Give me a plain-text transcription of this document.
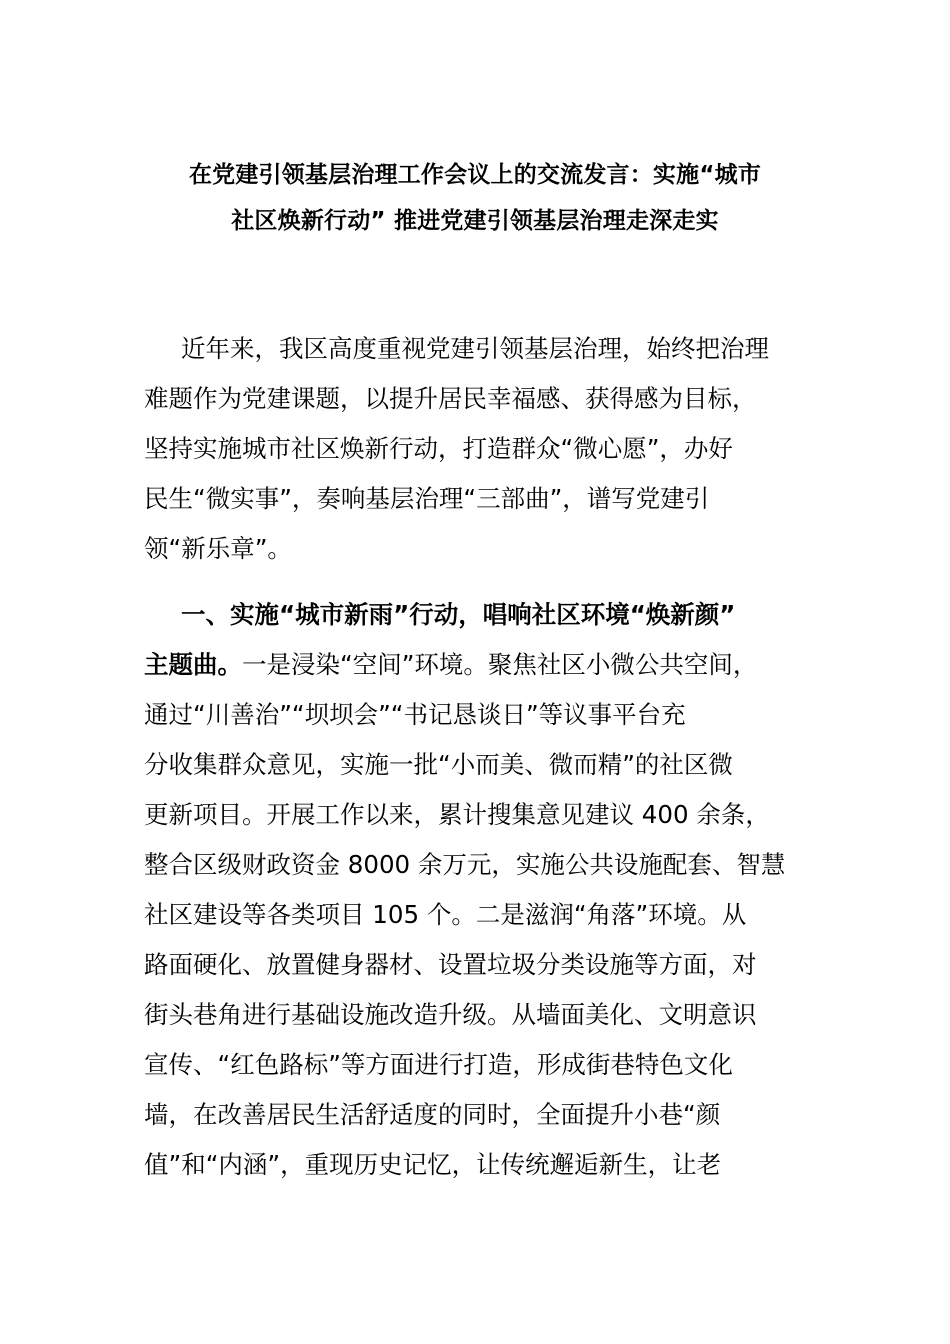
在党建引领基层治理工作会议上的交流发言：实施“城市
社区焕新行动” 推进党建引领基层治理走深走实
近年来，我区高度重视党建引领基层治理，始终把治理
难题作为党建课题，以提升居民幸福感、获得感为目标，
坚持实施城市社区焕新行动，打造群众“微心愿”，办好
民生“微实事”，奏响基层治理“三部曲”，谱写党建引
领“新乐章”。
一、实施“城市新雨”行动，唱响社区环境“焕新颜”
主题曲。一是浸染“空间”环境。聚焦社区小微公共空间，
通过“川善治”“坝坝会”“书记恳谈日”等议事平台充
分收集群众意见，实施一批“小而美、微而精”的社区微
更新项目。开展工作以来，累计搜集意见建议 400 余条，
整合区级财政资金 8000 余万元，实施公共设施配套、智慧
社区建设等各类项目 105 个。二是滋润“角落”环境。从
路面硬化、放置健身器材、设置垃圾分类设施等方面，对
街头巷角进行基础设施改造升级。从墙面美化、文明意识
宣传、“红色路标”等方面进行打造，形成街巷特色文化
墙，在改善居民生活舒适度的同时，全面提升小巷“颜
值”和“内涵”，重现历史记忆，让传统邂逅新生，让老
